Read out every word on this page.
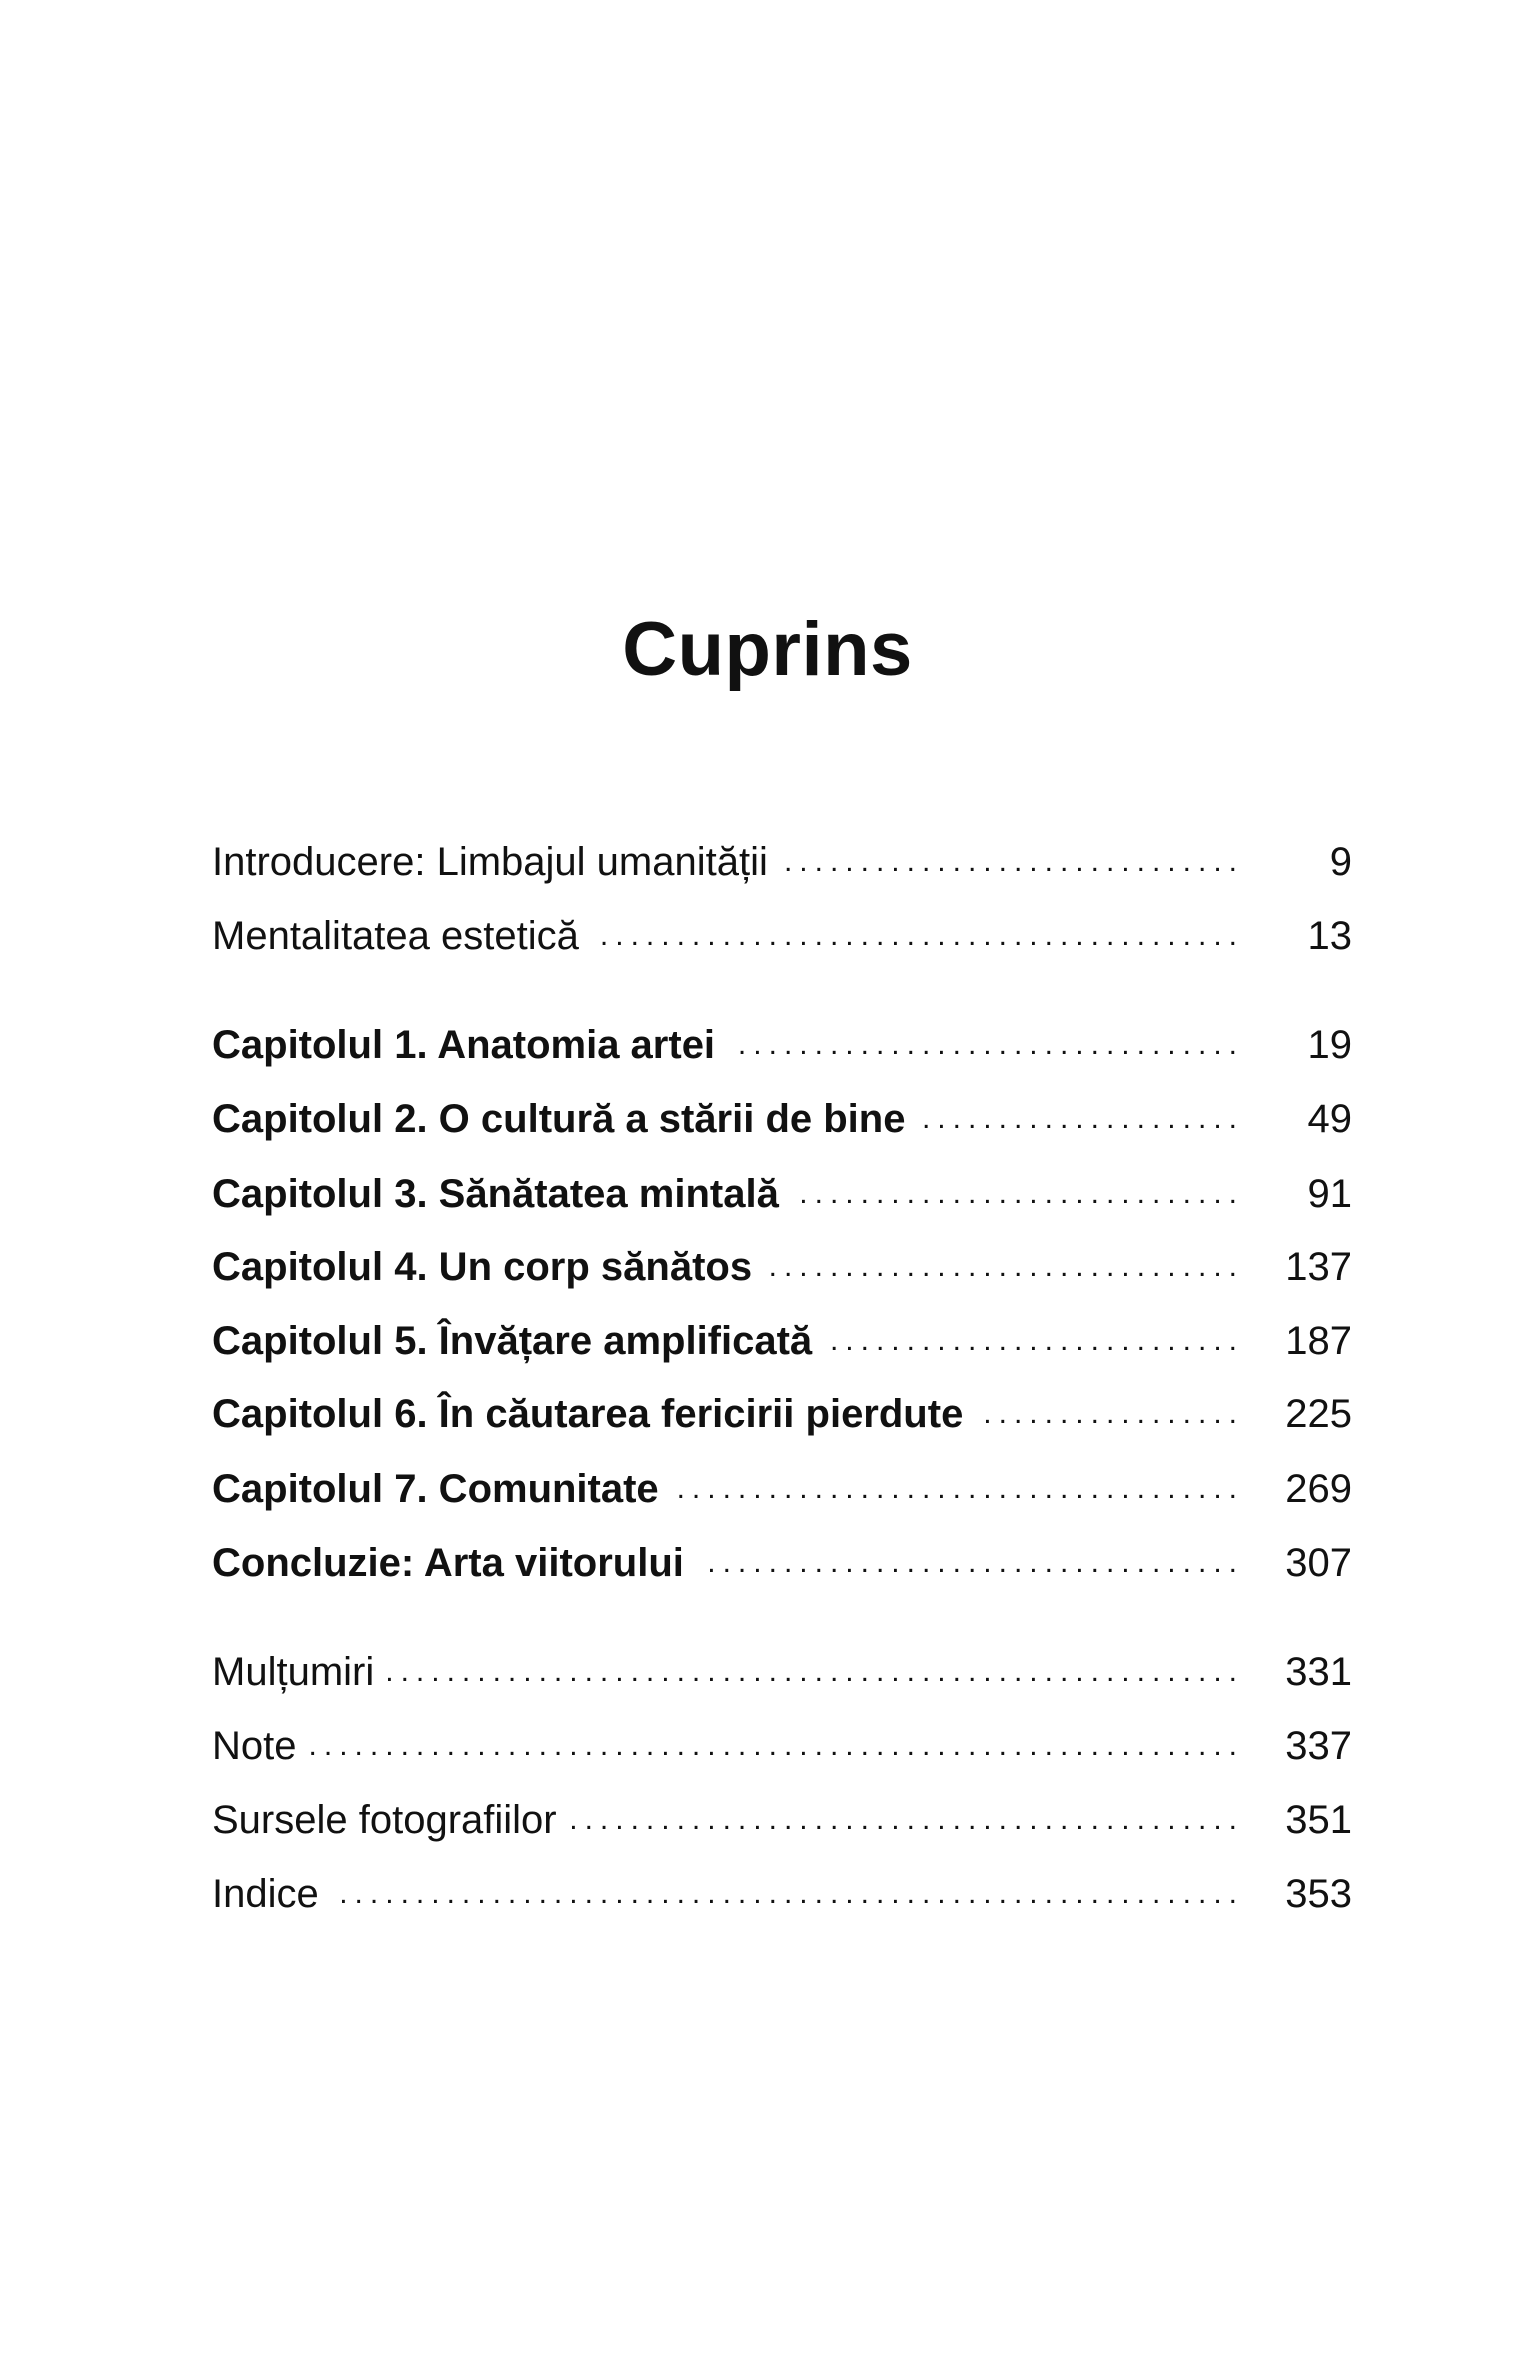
Cuprins
Introducere: Limbajul umanității .....	9
Mentalitatea estetică .....	13
Capitolul 1. Anatomia artei .....	19
Capitolul 2. O cultură a stării de bine .....	49
Capitolul 3. Sănătatea mintală .....	91
Capitolul 4. Un corp sănătos .....	137
Capitolul 5. Învățare amplificată .....	187
Capitolul 6. În căutarea fericirii pierdute .....	225
Capitolul 7. Comunitate .....	269
Concluzie: Arta viitorului .....	307
Mulțumiri .....	331
Note .....	337
Sursele fotografiilor .....	351
Indice .....	353
